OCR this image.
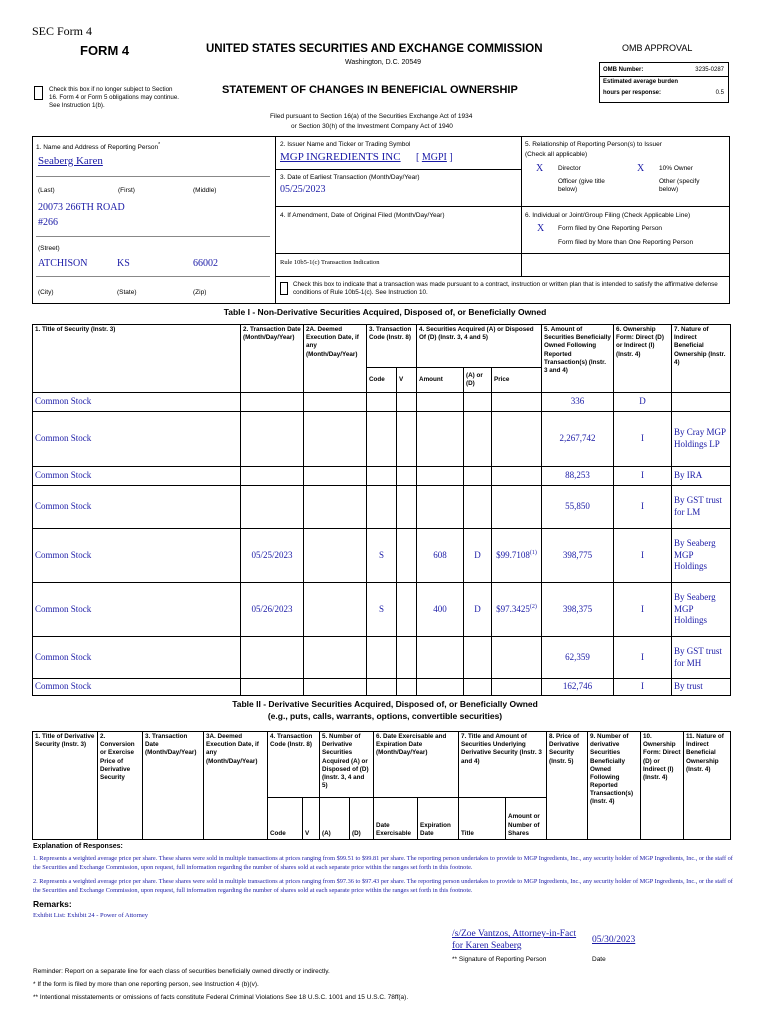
SEC Form 4
FORM 4	UNITED STATES SECURITIES AND EXCHANGE COMMISSION
Washington, D.C. 20549
Check this box if no longer subject to Section 16. Form 4 or Form 5 obligations may continue. See Instruction 1(b).
STATEMENT OF CHANGES IN BENEFICIAL OWNERSHIP
Filed pursuant to Section 16(a) of the Securities Exchange Act of 1934
or Section 30(h) of the Investment Company Act of 1940
OMB APPROVAL
OMB Number:	3235-0287
Estimated average burden
hours per response:	0.5
1. Name and Address of Reporting Person*
Seaberg Karen
(Last)	(First)	(Middle)
20073 266TH ROAD
#266
(Street)
ATCHISON	KS	66002
(City)	(State)	(Zip)
2. Issuer Name and Ticker or Trading Symbol
MGP INGREDIENTS INC [ MGPI ]
3. Date of Earliest Transaction (Month/Day/Year)
05/25/2023
4. If Amendment, Date of Original Filed (Month/Day/Year)
Rule 10b5-1(c) Transaction Indication
Check this box to indicate that a transaction was made pursuant to a contract, instruction or written plan that is intended to satisfy the affirmative defense conditions of Rule 10b5-1(c). See Instruction 10.
5. Relationship of Reporting Person(s) to Issuer
(Check all applicable)
X Director	X 10% Owner
Officer (give title below)
Other (specify below)
6. Individual or Joint/Group Filing (Check Applicable Line)
X Form filed by One Reporting Person
Form filed by More than One Reporting Person
Table I - Non-Derivative Securities Acquired, Disposed of, or Beneficially Owned
1. Title of Security (Instr. 3)	2. Transaction Date (Month/Day/Year)	2A. Deemed Execution Date, if any (Month/Day/Year)	3. Transaction Code (Instr. 8)		4. Securities Acquired (A) or Disposed Of (D) (Instr. 3, 4 and 5)			5. Amount of Securities Beneficially Owned Following Reported Transaction(s) (Instr. 3 and 4)	6. Ownership Form: Direct (D) or Indirect (I) (Instr. 4)	7. Nature of Indirect Beneficial Ownership (Instr. 4)
			Code	V	Amount	(A) or (D)	Price			
Common Stock								336	D	
Common Stock								2,267,742	I	By Cray MGP Holdings LP
Common Stock								88,253	I	By IRA
Common Stock								55,850	I	By GST trust for LM
Common Stock	05/25/2023		S		608	D	$99.7108$^{(1)}$	398,775	I	By Seaberg MGP Holdings
Common Stock	05/26/2023		S		400	D	$97.3425$^{(2)}$	398,375	I	By Seaberg MGP Holdings
Common Stock								62,359	I	By GST trust for MH
Common Stock								162,746	I	By trust
Table II - Derivative Securities Acquired, Disposed of, or Beneficially Owned
(e.g., puts, calls, warrants, options, convertible securities)
1. Title of Derivative Security (Instr. 3)	2. Conversion or Exercise Price of Derivative Security	3. Transaction Date (Month/Day/Year)	3A. Deemed Execution Date, if any (Month/Day/Year)	4. Transaction Code (Instr. 8)		5. Number of Derivative Securities Acquired (A) or Disposed of (D) (Instr. 3, 4 and 5)		6. Date Exercisable and Expiration Date (Month/Day/Year)		7. Title and Amount of Securities Underlying Derivative Security (Instr. 3 and 4)		8. Price of Derivative Security (Instr. 5)	9. Number of derivative Securities Beneficially Owned Following Reported Transaction(s) (Instr. 4)	10. Ownership Form: Direct (D) or Indirect (I) (Instr. 4)	11. Nature of Indirect Beneficial Ownership (Instr. 4)
				Code	V	(A)	(D)	Date Exercisable	Expiration Date	Title	Amount or Number of Shares				
Explanation of Responses:
1. Represents a weighted average price per share. These shares were sold in multiple transactions at prices ranging from $99.51 to $99.81 per share. The reporting person undertakes to provide to MGP Ingredients, Inc., any security holder of MGP Ingredients, Inc., or the staff of the Securities and Exchange Commission, upon request, full information regarding the number of shares sold at each separate price within the ranges set forth in this footnote.
2. Represents a weighted average price per share. These shares were sold in multiple transactions at prices ranging from $97.36 to $97.43 per share. The reporting person undertakes to provide to MGP Ingredients, Inc., any security holder of MGP Ingredients, Inc., or the staff of the Securities and Exchange Commission, upon request, full information regarding the number of shares sold at each separate price within the ranges set forth in this footnote.
Remarks:
Exhibit List: Exhibit 24 - Power of Attorney
/s/Zoe Vantzos, Attorney-in-Fact
for Karen Seaberg
05/30/2023
** Signature of Reporting Person	Date
Reminder: Report on a separate line for each class of securities beneficially owned directly or indirectly.
* If the form is filed by more than one reporting person, see Instruction 4 (b)(v).
** Intentional misstatements or omissions of facts constitute Federal Criminal Violations See 18 U.S.C. 1001 and 15 U.S.C. 78ff(a).
